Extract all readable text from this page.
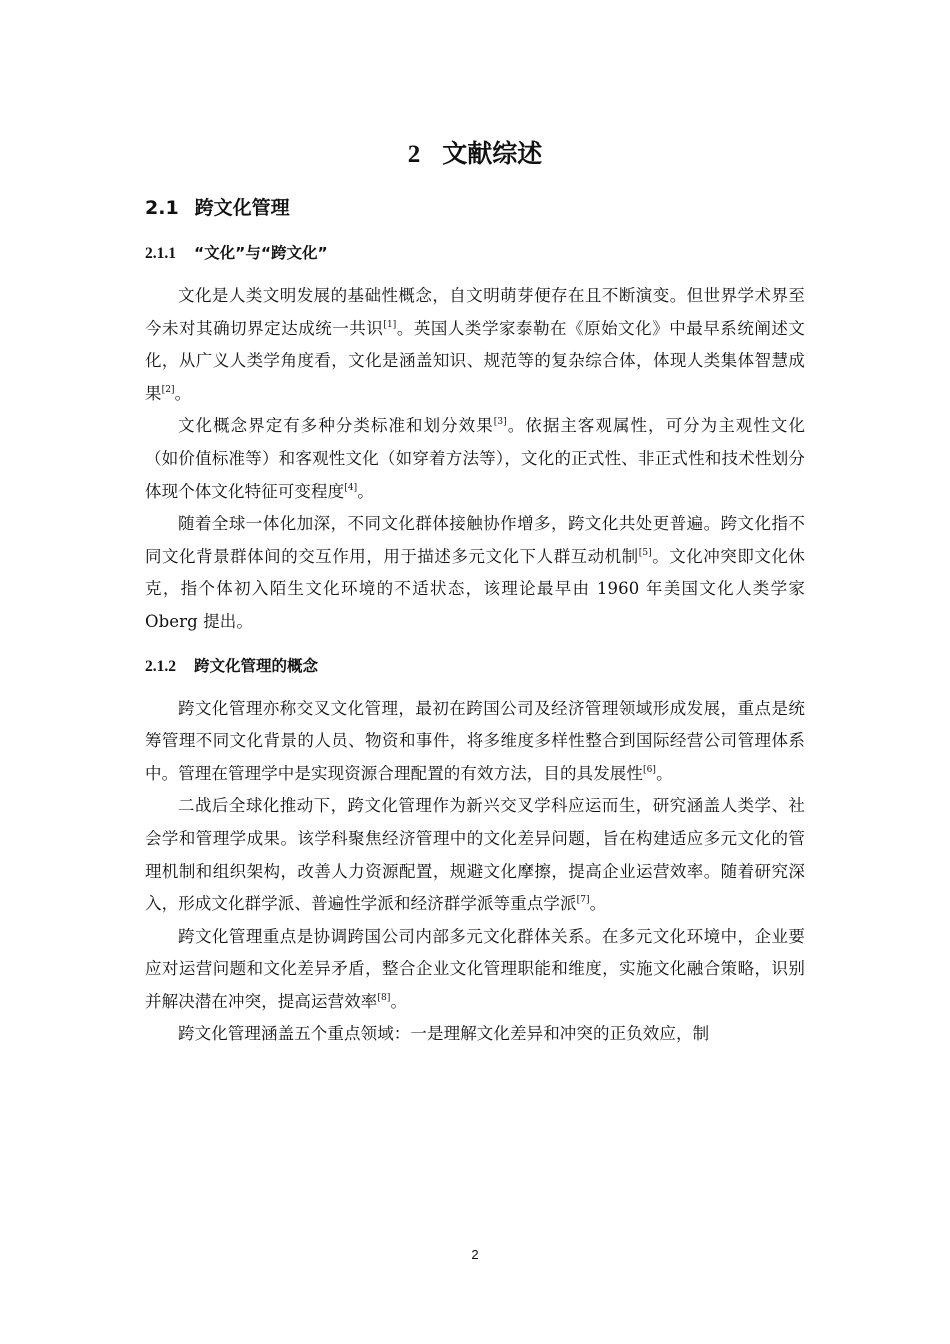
2 文献综述
2.1 跨文化管理
2.1.1 “文化”与“跨文化”

文化是人类文明发展的基础性概念，自文明萌芽便存在且不断演变。但世界学术界至今未对其确切界定达成统一共识[1]。英国人类学家泰勒在《原始文化》中最早系统阐述文化，从广义人类学角度看，文化是涵盖知识、规范等的复杂综合体，体现人类集体智慧成果[2]。

文化概念界定有多种分类标准和划分效果[3]。依据主客观属性，可分为主观性文化（如价值标准等）和客观性文化（如穿着方法等），文化的正式性、非正式性和技术性划分体现个体文化特征可变程度[4]。

随着全球一体化加深，不同文化群体接触协作增多，跨文化共处更普遍。跨文化指不同文化背景群体间的交互作用，用于描述多元文化下人群互动机制[5]。文化冲突即文化休克，指个体初入陌生文化环境的不适状态，该理论最早由 1960 年美国文化人类学家 Oberg 提出。

2.1.2 跨文化管理的概念

跨文化管理亦称交叉文化管理，最初在跨国公司及经济管理领域形成发展，重点是统筹管理不同文化背景的人员、物资和事件，将多维度多样性整合到国际经营公司管理体系中。管理在管理学中是实现资源合理配置的有效方法，目的具发展性[6]。

二战后全球化推动下，跨文化管理作为新兴交叉学科应运而生，研究涵盖人类学、社会学和管理学成果。该学科聚焦经济管理中的文化差异问题，旨在构建适应多元文化的管理机制和组织架构，改善人力资源配置，规避文化摩擦，提高企业运营效率。随着研究深入，形成文化群学派、普遍性学派和经济群学派等重点学派[7]。

跨文化管理重点是协调跨国公司内部多元文化群体关系。在多元文化环境中，企业要应对运营问题和文化差异矛盾，整合企业文化管理职能和维度，实施文化融合策略，识别并解决潜在冲突，提高运营效率[8]。

跨文化管理涵盖五个重点领域：一是理解文化差异和冲突的正负效应，制

2
